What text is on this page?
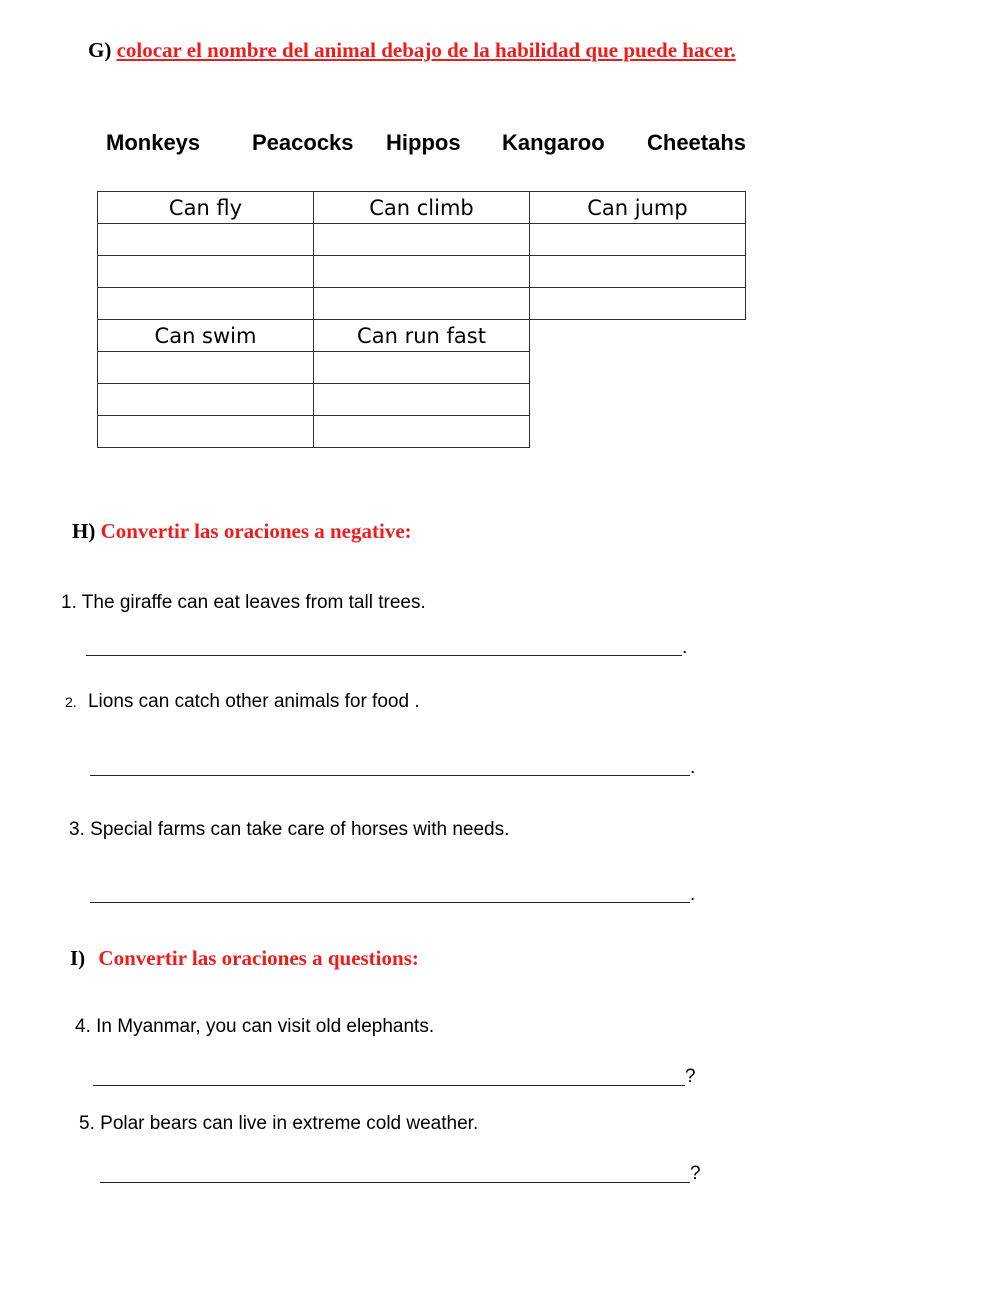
G) colocar el nombre del animal debajo de la habilidad que puede hacer.
Monkeys Peacocks Hippos Kangaroo Cheetahs
Can fly	Can climb	Can jump

Can swim	Can run fast	

H) Convertir las oraciones a negative:
1. The giraffe can eat leaves from tall trees.
.
2. Lions can catch other animals for food .
.
3. Special farms can take care of horses with needs.
.
I) Convertir las oraciones a questions:
4. In Myanmar, you can visit old elephants.
?
5. Polar bears can live in extreme cold weather.
?
